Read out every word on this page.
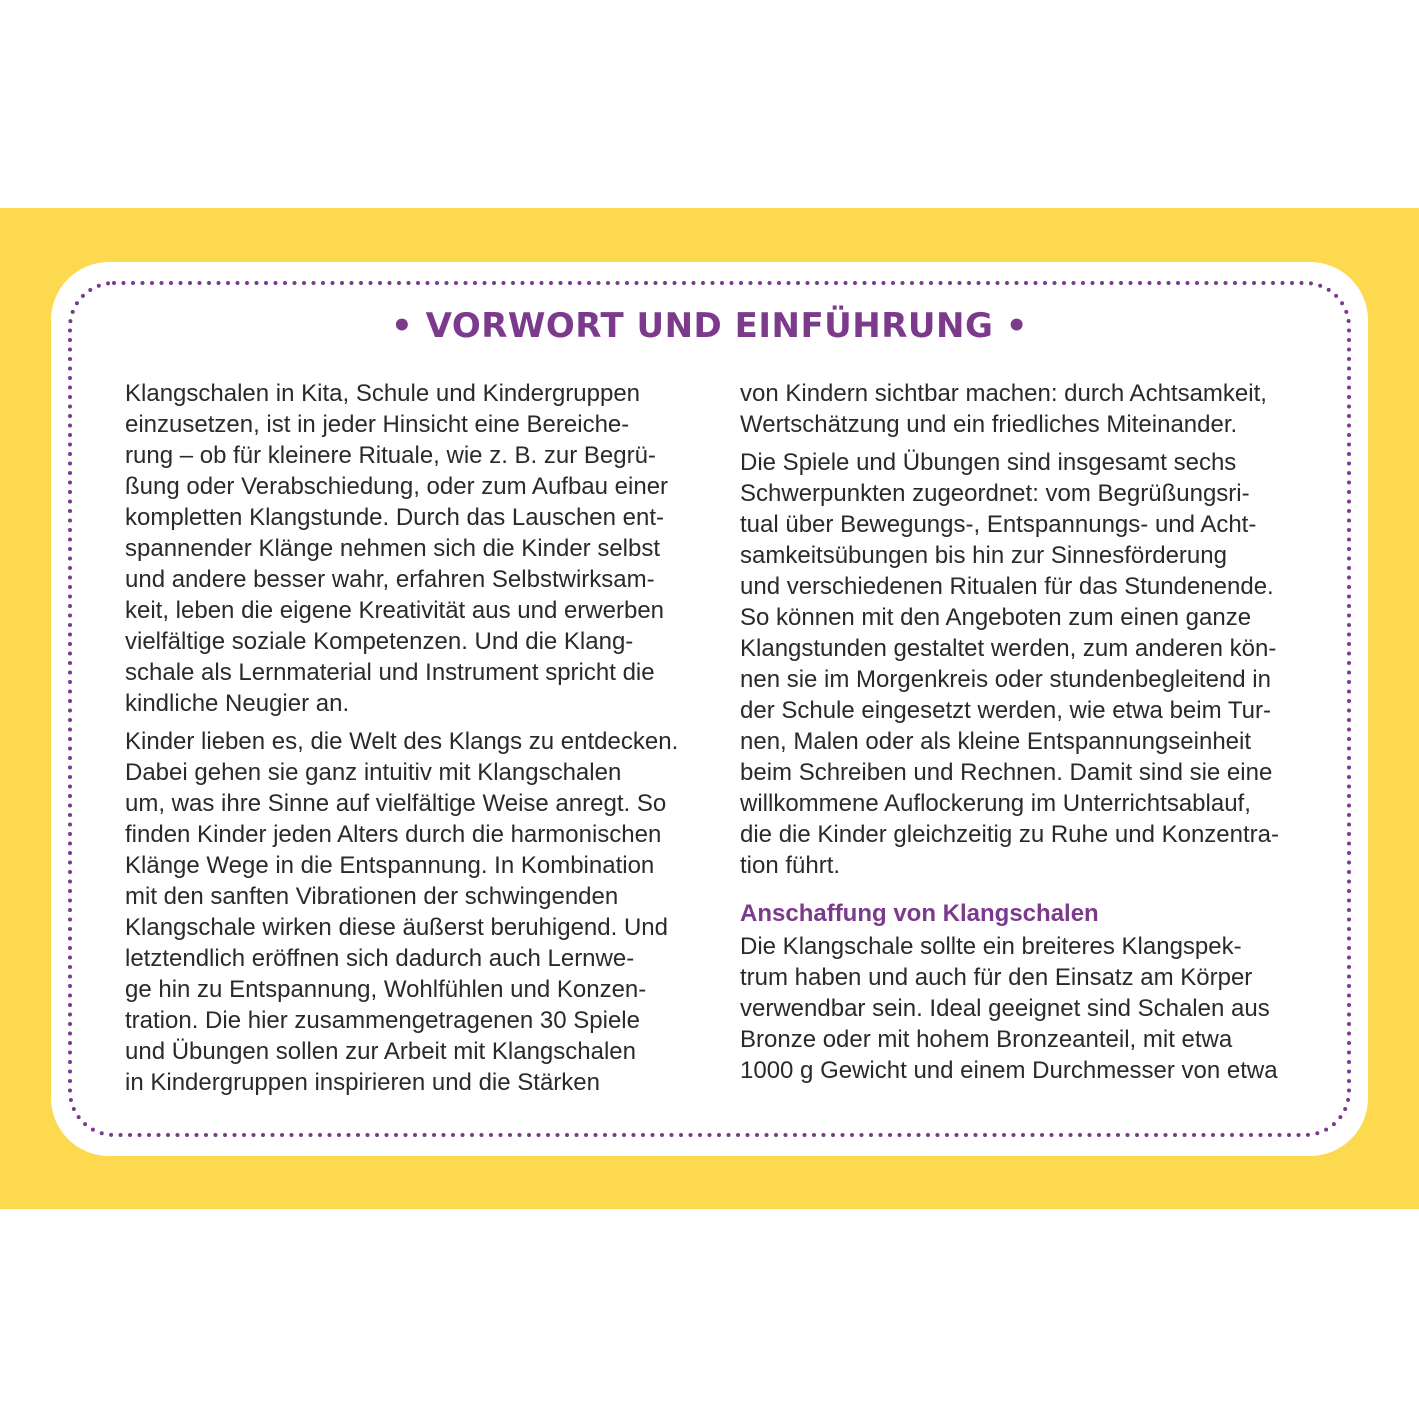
• VORWORT UND EINFÜHRUNG •
Klangschalen in Kita, Schule und Kindergruppen
einzusetzen, ist in jeder Hinsicht eine Bereiche-
rung – ob für kleinere Rituale, wie z. B. zur Begrü-
ßung oder Verabschiedung, oder zum Aufbau einer
kompletten Klangstunde. Durch das Lauschen ent-
spannender Klänge nehmen sich die Kinder selbst
und andere besser wahr, erfahren Selbstwirksam-
keit, leben die eigene Kreativität aus und erwerben
vielfältige soziale Kompetenzen. Und die Klang-
schale als Lernmaterial und Instrument spricht die
kindliche Neugier an.
Kinder lieben es, die Welt des Klangs zu entdecken.
Dabei gehen sie ganz intuitiv mit Klangschalen
um, was ihre Sinne auf vielfältige Weise anregt. So
finden Kinder jeden Alters durch die harmonischen
Klänge Wege in die Entspannung. In Kombination
mit den sanften Vibrationen der schwingenden
Klangschale wirken diese äußerst beruhigend. Und
letztendlich eröffnen sich dadurch auch Lernwe-
ge hin zu Entspannung, Wohlfühlen und Konzen-
tration. Die hier zusammengetragenen 30 Spiele
und Übungen sollen zur Arbeit mit Klangschalen
in Kindergruppen inspirieren und die Stärken
von Kindern sichtbar machen: durch Achtsamkeit,
Wertschätzung und ein friedliches Miteinander.
Die Spiele und Übungen sind insgesamt sechs
Schwerpunkten zugeordnet: vom Begrüßungsri-
tual über Bewegungs-, Entspannungs- und Acht-
samkeitsübungen bis hin zur Sinnesförderung
und verschiedenen Ritualen für das Stundenende.
So können mit den Angeboten zum einen ganze
Klangstunden gestaltet werden, zum anderen kön-
nen sie im Morgenkreis oder stundenbegleitend in
der Schule eingesetzt werden, wie etwa beim Tur-
nen, Malen oder als kleine Entspannungseinheit
beim Schreiben und Rechnen. Damit sind sie eine
willkommene Auflockerung im Unterrichtsablauf,
die die Kinder gleichzeitig zu Ruhe und Konzentra-
tion führt.
Anschaffung von Klangschalen
Die Klangschale sollte ein breiteres Klangspek-
trum haben und auch für den Einsatz am Körper
verwendbar sein. Ideal geeignet sind Schalen aus
Bronze oder mit hohem Bronzeanteil, mit etwa
1000 g Gewicht und einem Durchmesser von etwa
